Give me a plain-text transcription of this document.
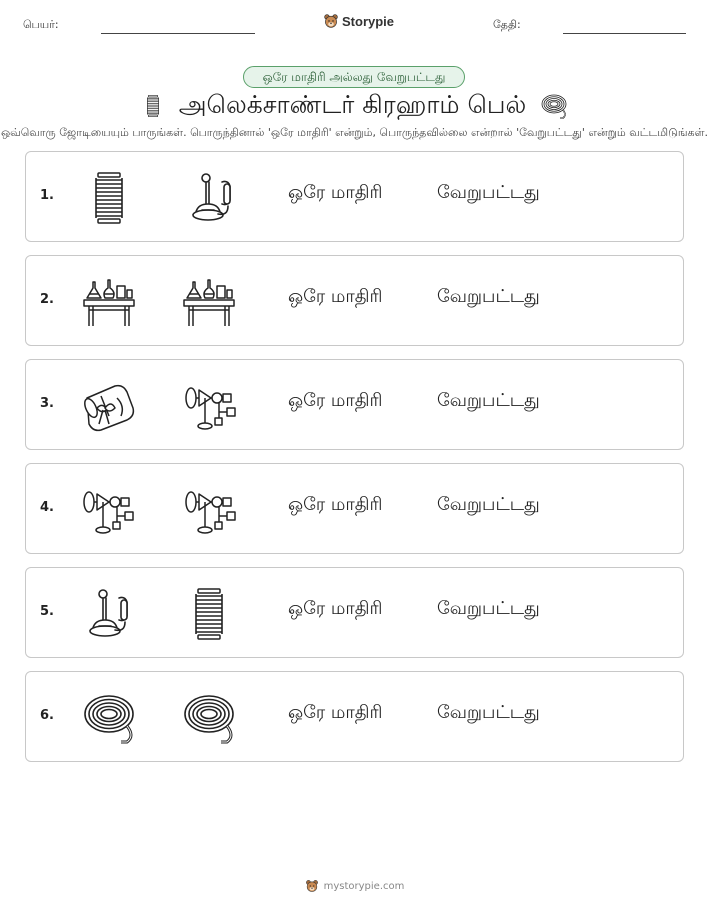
பெயர்:	Storypie	தேதி:
ஒரே மாதிரி அல்லது வேறுபட்டது
அலெக்சாண்டர் கிரஹாம் பெல்
ஒவ்வொரு ஜோடியையும் பாருங்கள். பொருந்தினால் 'ஒரே மாதிரி' என்றும், பொருந்தவில்லை என்றால் 'வேறுபட்டது' என்றும் வட்டமிடுங்கள்.
1.	ஒரே மாதிரி	வேறுபட்டது
2.	ஒரே மாதிரி	வேறுபட்டது
3.	ஒரே மாதிரி	வேறுபட்டது
4.	ஒரே மாதிரி	வேறுபட்டது
5.	ஒரே மாதிரி	வேறுபட்டது
6.	ஒரே மாதிரி	வேறுபட்டது
mystorypie.com
